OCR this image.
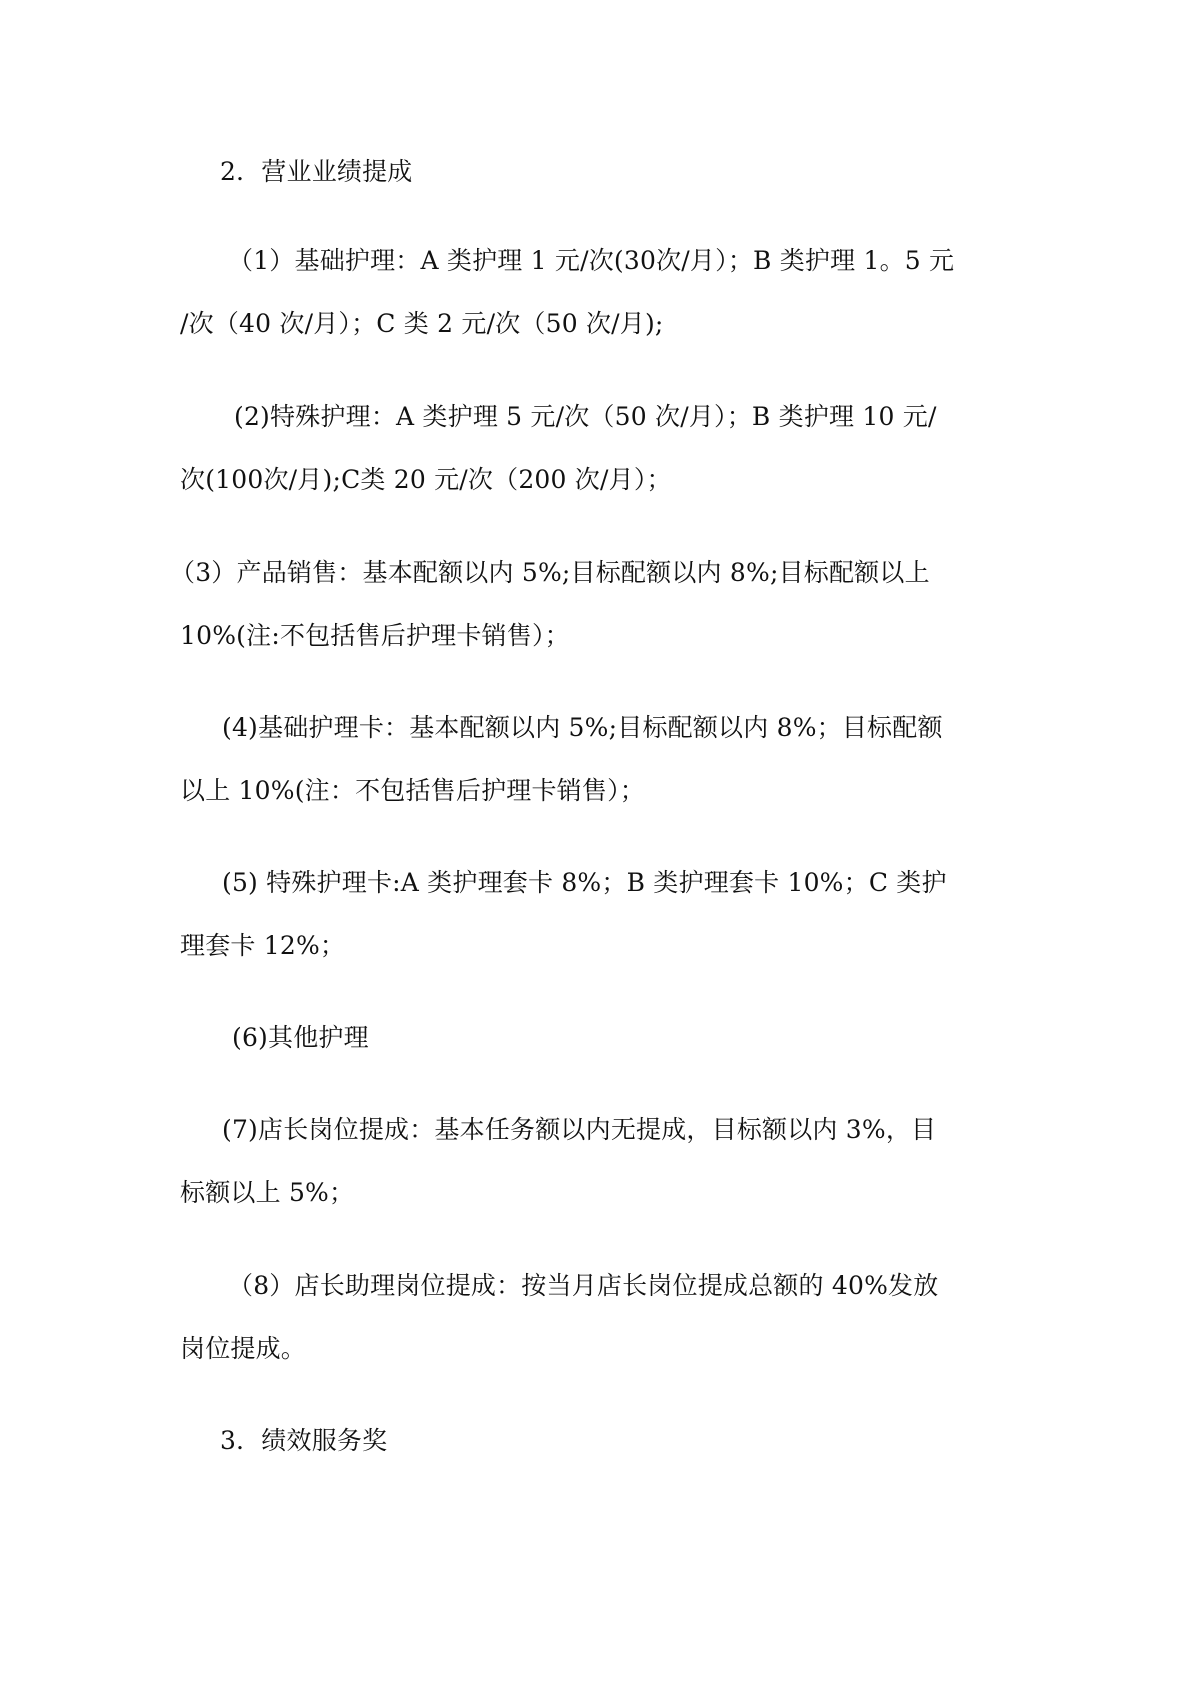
2．营业业绩提成
（1）基础护理：A 类护理 1 元/次(30次/月）；B 类护理 1。5 元
/次（40 次/月）；C 类 2 元/次（50 次/月);
(2)特殊护理：A 类护理 5 元/次（50 次/月）；B 类护理 10 元/
次(100次/月);C类 20 元/次（200 次/月）；
（3）产品销售：基本配额以内 5%;目标配额以内 8%;目标配额以上
10%(注:不包括售后护理卡销售）；
(4)基础护理卡：基本配额以内 5%;目标配额以内 8%；目标配额
以上 10%(注：不包括售后护理卡销售）；
(5) 特殊护理卡:A 类护理套卡 8%；B 类护理套卡 10%；C 类护
理套卡 12%；
(6)其他护理
(7)店长岗位提成：基本任务额以内无提成，目标额以内 3%，目
标额以上 5%；
（8）店长助理岗位提成：按当月店长岗位提成总额的 40%发放
岗位提成。
3．绩效服务奖
